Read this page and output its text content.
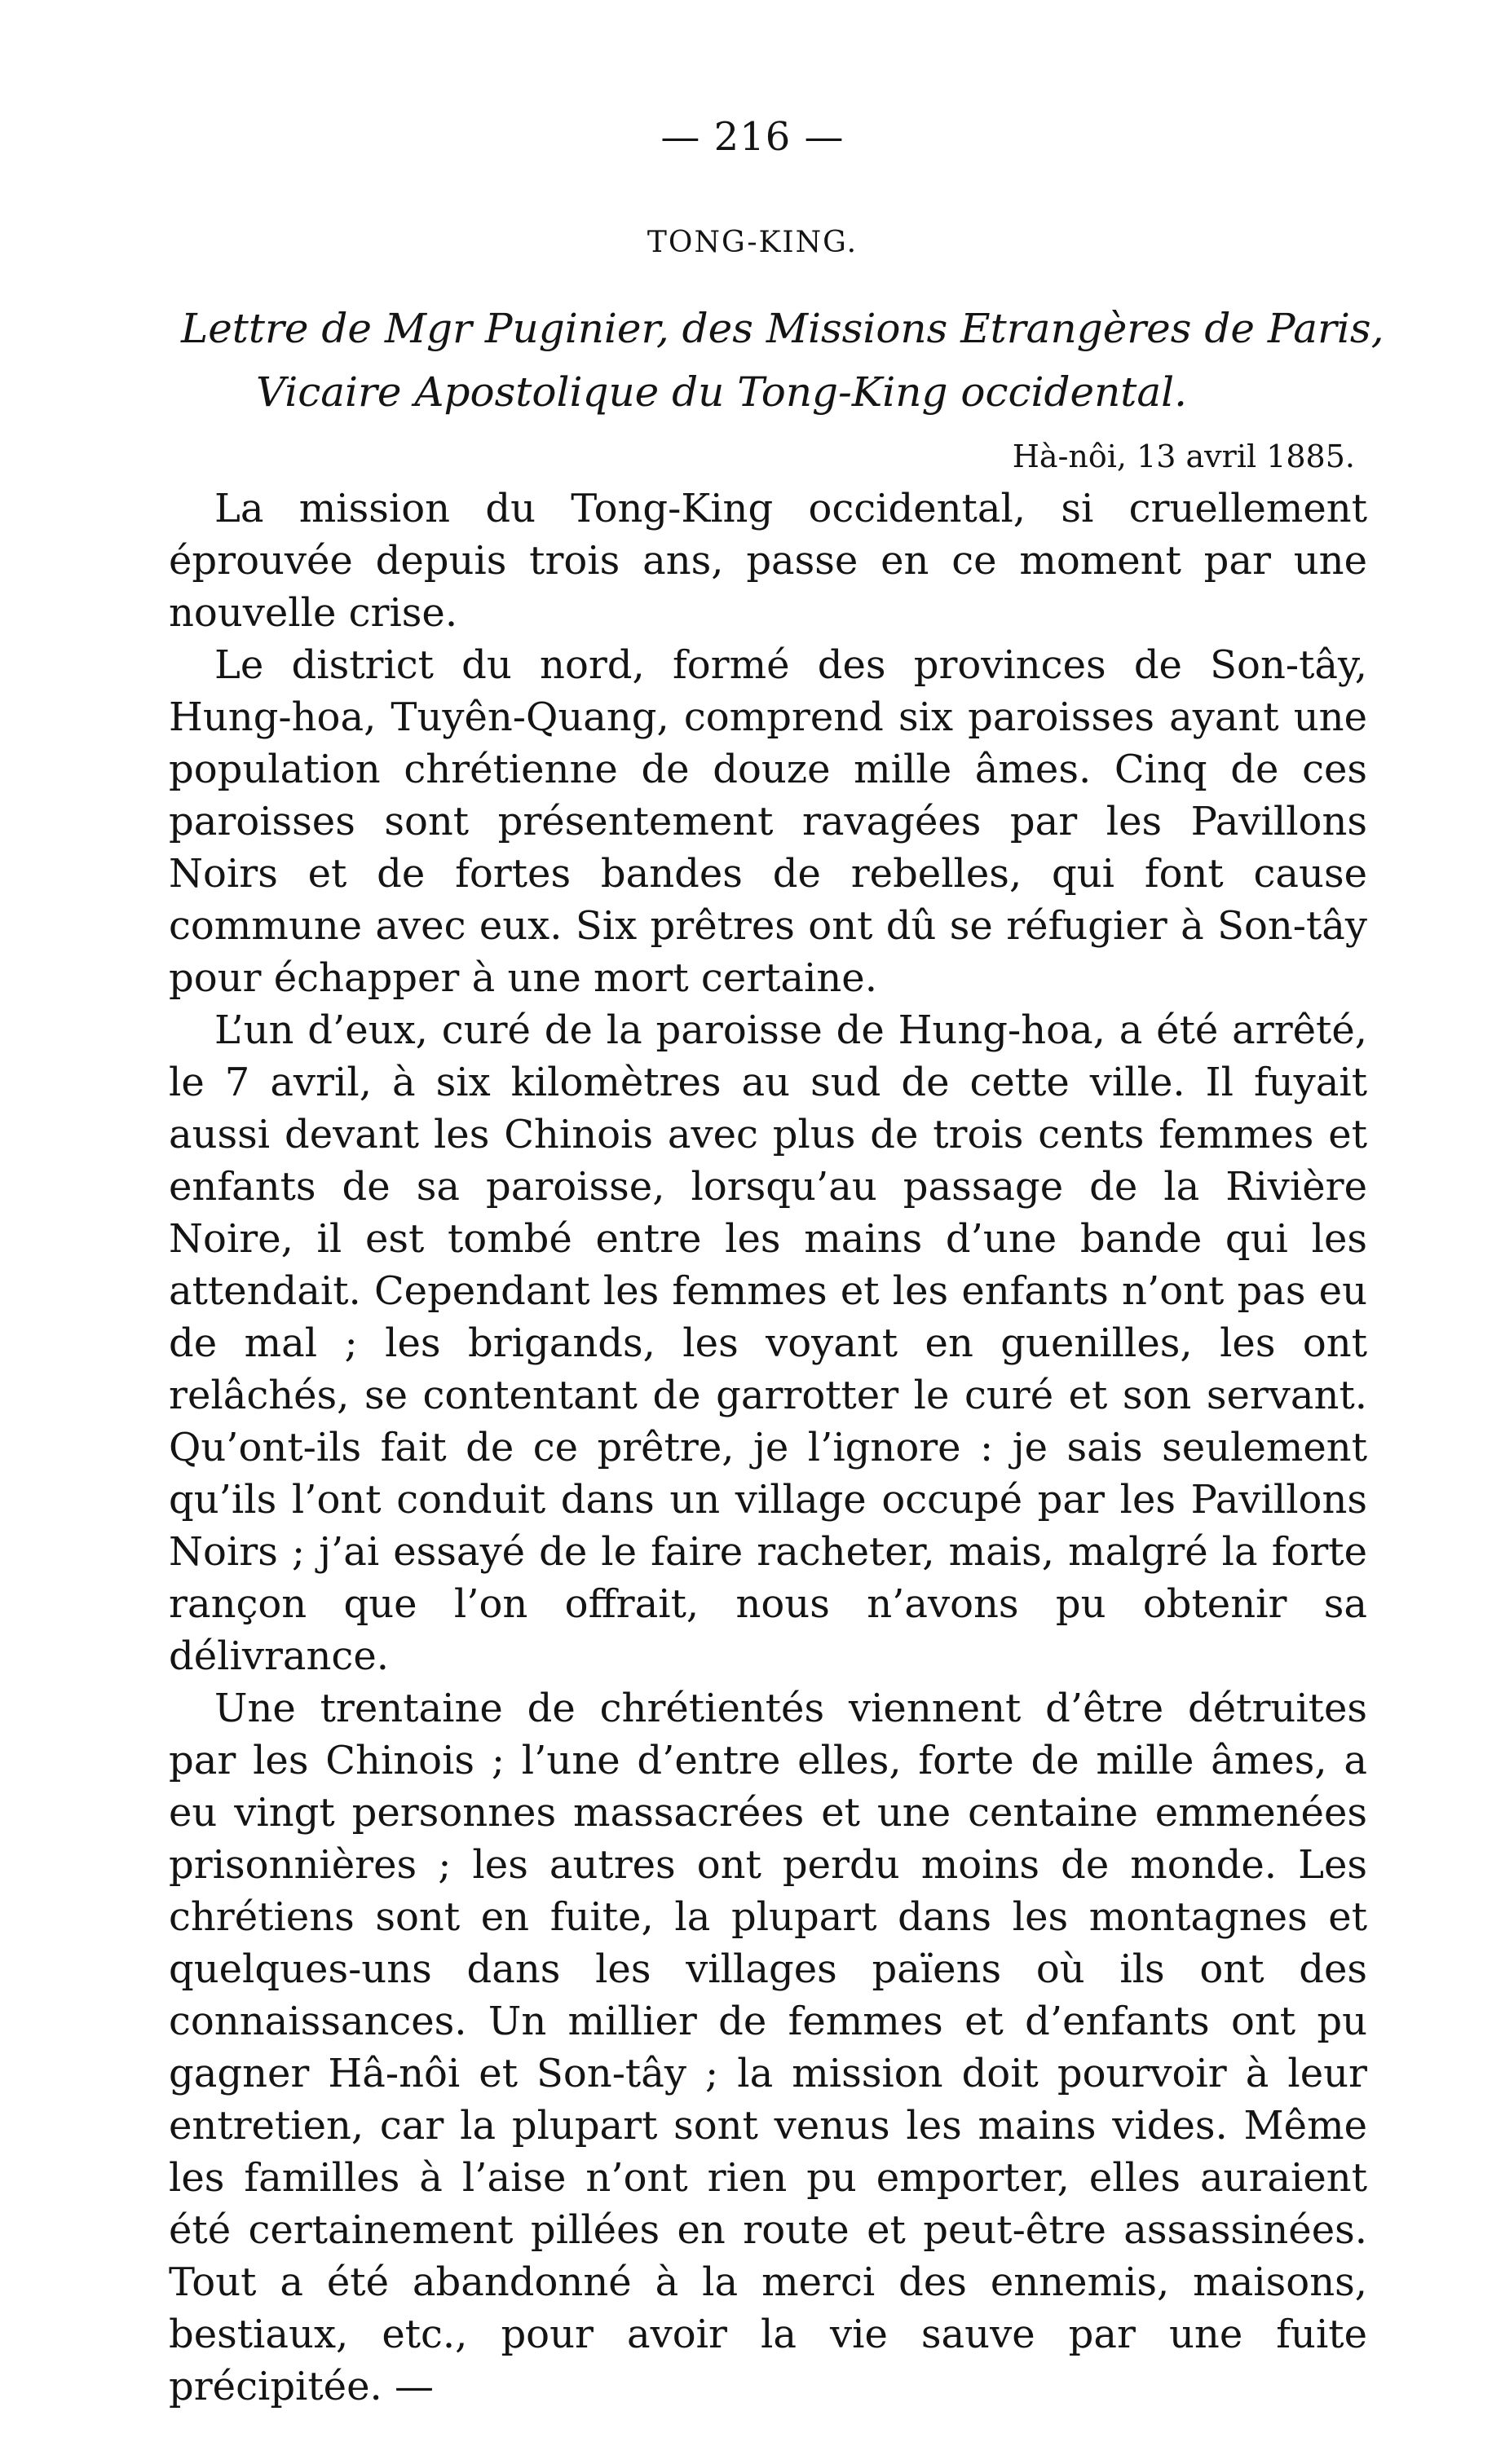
— 216 —
TONG-KING.
Lettre de Mgr Puginier, des Missions Etrangères de Paris, Vicaire Apostolique du Tong-King occidental.
Hà-nôi, 13 avril 1885.

La mission du Tong-King occidental, si cruellement éprouvée depuis trois ans, passe en ce moment par une nouvelle crise.

Le district du nord, formé des provinces de Son-tây, Hung-hoa, Tuyên-Quang, comprend six paroisses ayant une population chrétienne de douze mille âmes. Cinq de ces paroisses sont présentement ravagées par les Pavillons Noirs et de fortes bandes de rebelles, qui font cause commune avec eux. Six prêtres ont dû se réfugier à Son-tây pour échapper à une mort certaine.

L’un d’eux, curé de la paroisse de Hung-hoa, a été arrêté, le 7 avril, à six kilomètres au sud de cette ville. Il fuyait aussi devant les Chinois avec plus de trois cents femmes et enfants de sa paroisse, lorsqu’au passage de la Rivière Noire, il est tombé entre les mains d’une bande qui les attendait. Cependant les femmes et les enfants n’ont pas eu de mal ; les brigands, les voyant en guenilles, les ont relâchés, se contentant de garrotter le curé et son servant. Qu’ont-ils fait de ce prêtre, je l’ignore : je sais seulement qu’ils l’ont conduit dans un village occupé par les Pavillons Noirs ; j’ai essayé de le faire racheter, mais, malgré la forte rançon que l’on offrait, nous n’avons pu obtenir sa délivrance.

Une trentaine de chrétientés viennent d’être détruites par les Chinois ; l’une d’entre elles, forte de mille âmes, a eu vingt personnes massacrées et une centaine emmenées prisonnières ; les autres ont perdu moins de monde. Les chrétiens sont en fuite, la plupart dans les montagnes et quelques-uns dans les villages païens où ils ont des connaissances. Un millier de femmes et d’enfants ont pu gagner Hâ-nôi et Son-tây ; la mission doit pourvoir à leur entretien, car la plupart sont venus les mains vides. Même les familles à l’aise n’ont rien pu emporter, elles auraient été certainement pillées en route et peut-être assassinées. Tout a été abandonné à la merci des ennemis, maisons, bestiaux, etc., pour avoir la vie sauve par une fuite précipitée. —
